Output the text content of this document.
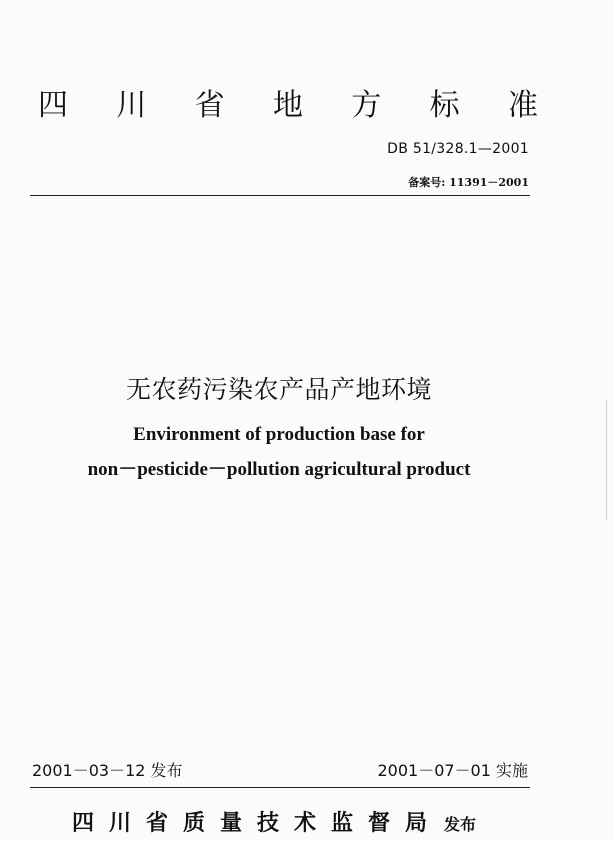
四 川 省 地 方 标 准
DB 51/328.1—2001
备案号: 11391－2001
无农药污染农产品产地环境
Environment of production base for
non－pesticide－pollution agricultural product
2001－03－12 发布	2001－07－01 实施
四川省质量技术监督局 发布
